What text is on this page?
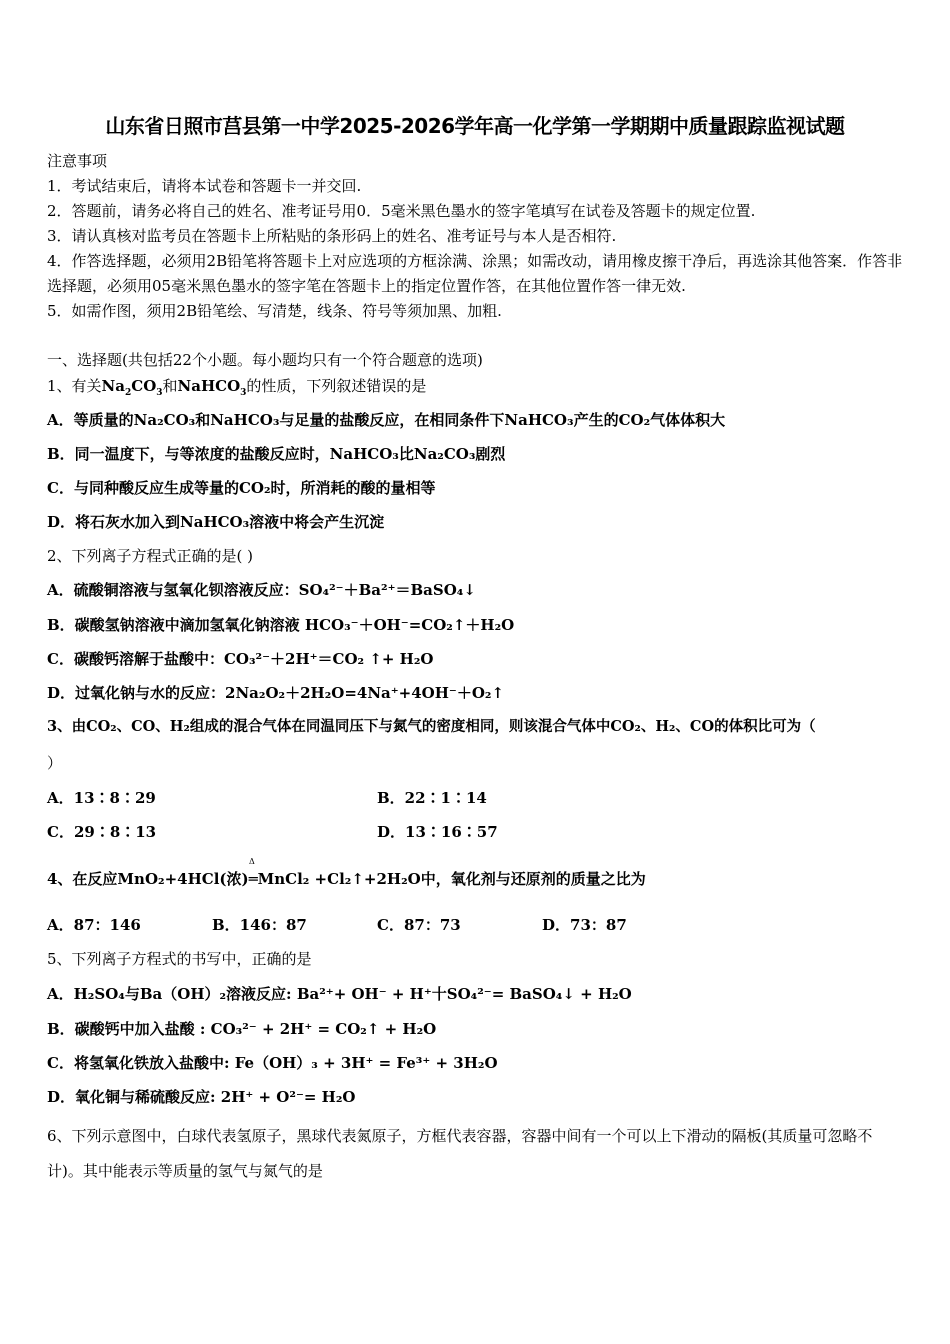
山东省日照市莒县第一中学2025-2026学年高一化学第一学期期中质量跟踪监视试题
注意事项
1．考试结束后，请将本试卷和答题卡一并交回.
2．答题前，请务必将自己的姓名、准考证号用0．5毫米黑色墨水的签字笔填写在试卷及答题卡的规定位置.
3．请认真核对监考员在答题卡上所粘贴的条形码上的姓名、准考证号与本人是否相符.
4．作答选择题，必须用2B铅笔将答题卡上对应选项的方框涂满、涂黑；如需改动，请用橡皮擦干净后，再选涂其他答案．作答非选择题，必须用05毫米黑色墨水的签字笔在答题卡上的指定位置作答，在其他位置作答一律无效.
5．如需作图，须用2B铅笔绘、写清楚，线条、符号等须加黑、加粗.
一、选择题(共包括22个小题。每小题均只有一个符合题意的选项)
1、有关$Na_2CO_3$和NaHCO$_3$的性质，下列叙述错误的是
A．等质量的Na₂CO₃和NaHCO₃与足量的盐酸反应，在相同条件下NaHCO₃产生的CO₂气体体积大
B．同一温度下，与等浓度的盐酸反应时，NaHCO₃比Na₂CO₃剧烈
C．与同种酸反应生成等量的CO₂时，所消耗的酸的量相等
D．将石灰水加入到NaHCO₃溶液中将会产生沉淀
2、下列离子方程式正确的是( )
A．硫酸铜溶液与氢氧化钡溶液反应：SO₄²⁻＋Ba²⁺＝BaSO₄↓
B．碳酸氢钠溶液中滴加氢氧化钠溶液 HCO₃⁻＋OH⁻=CO₂↑＋H₂O
C．碳酸钙溶解于盐酸中：CO₃²⁻＋2H⁺＝CO₂ ↑+ H₂O
D．过氧化钠与水的反应：2Na₂O₂＋2H₂O=4Na⁺+4OH⁻＋O₂↑
3、由CO₂、CO、H₂组成的混合气体在同温同压下与氮气的密度相同，则该混合气体中CO₂、H₂、CO的体积比可为（
）
A．13∶8∶29	B．22∶1∶14
C．29∶8∶13	D．13∶16∶57
Δ
4、在反应MnO₂+4HCl(浓)═MnCl₂ +Cl₂↑+2H₂O中，氧化剂与还原剂的质量之比为
A．87：146	B．146：87	C．87：73	D．73：87
5、下列离子方程式的书写中，正确的是
A．H₂SO₄与Ba（OH）₂溶液反应: Ba²⁺+ OH⁻ + H⁺十SO₄²⁻= BaSO₄↓ + H₂O
B．碳酸钙中加入盐酸 : CO₃²⁻ + 2H⁺ = CO₂↑ + H₂O
C．将氢氧化铁放入盐酸中: Fe（OH）₃ + 3H⁺ = Fe³⁺ + 3H₂O
D．氧化铜与稀硫酸反应: 2H⁺ + O²⁻= H₂O
6、下列示意图中，白球代表氢原子，黑球代表氮原子，方框代表容器，容器中间有一个可以上下滑动的隔板(其质量可忽略不计)。其中能表示等质量的氢气与氮气的是
